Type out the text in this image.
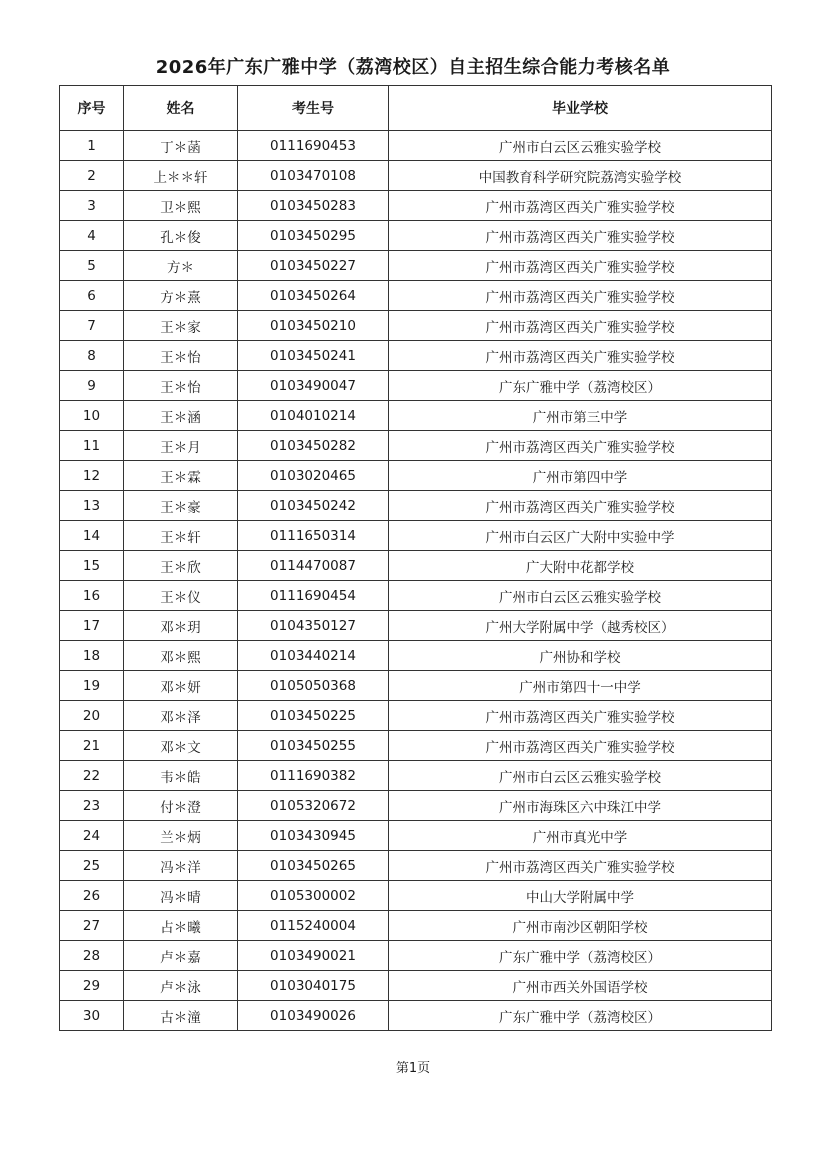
2026年广东广雅中学（荔湾校区）自主招生综合能力考核名单
序号	姓名	考生号	毕业学校
1	丁＊菡	0111690453	广州市白云区云雅实验学校
2	上＊＊轩	0103470108	中国教育科学研究院荔湾实验学校
3	卫＊熙	0103450283	广州市荔湾区西关广雅实验学校
4	孔＊俊	0103450295	广州市荔湾区西关广雅实验学校
5	方＊	0103450227	广州市荔湾区西关广雅实验学校
6	方＊熹	0103450264	广州市荔湾区西关广雅实验学校
7	王＊家	0103450210	广州市荔湾区西关广雅实验学校
8	王＊怡	0103450241	广州市荔湾区西关广雅实验学校
9	王＊怡	0103490047	广东广雅中学（荔湾校区）
10	王＊涵	0104010214	广州市第三中学
11	王＊月	0103450282	广州市荔湾区西关广雅实验学校
12	王＊霖	0103020465	广州市第四中学
13	王＊豪	0103450242	广州市荔湾区西关广雅实验学校
14	王＊轩	0111650314	广州市白云区广大附中实验中学
15	王＊欣	0114470087	广大附中花都学校
16	王＊仪	0111690454	广州市白云区云雅实验学校
17	邓＊玥	0104350127	广州大学附属中学（越秀校区）
18	邓＊熙	0103440214	广州协和学校
19	邓＊妍	0105050368	广州市第四十一中学
20	邓＊泽	0103450225	广州市荔湾区西关广雅实验学校
21	邓＊文	0103450255	广州市荔湾区西关广雅实验学校
22	韦＊皓	0111690382	广州市白云区云雅实验学校
23	付＊澄	0105320672	广州市海珠区六中珠江中学
24	兰＊炳	0103430945	广州市真光中学
25	冯＊洋	0103450265	广州市荔湾区西关广雅实验学校
26	冯＊晴	0105300002	中山大学附属中学
27	占＊曦	0115240004	广州市南沙区朝阳学校
28	卢＊嘉	0103490021	广东广雅中学（荔湾校区）
29	卢＊泳	0103040175	广州市西关外国语学校
30	古＊潼	0103490026	广东广雅中学（荔湾校区）
第1页
